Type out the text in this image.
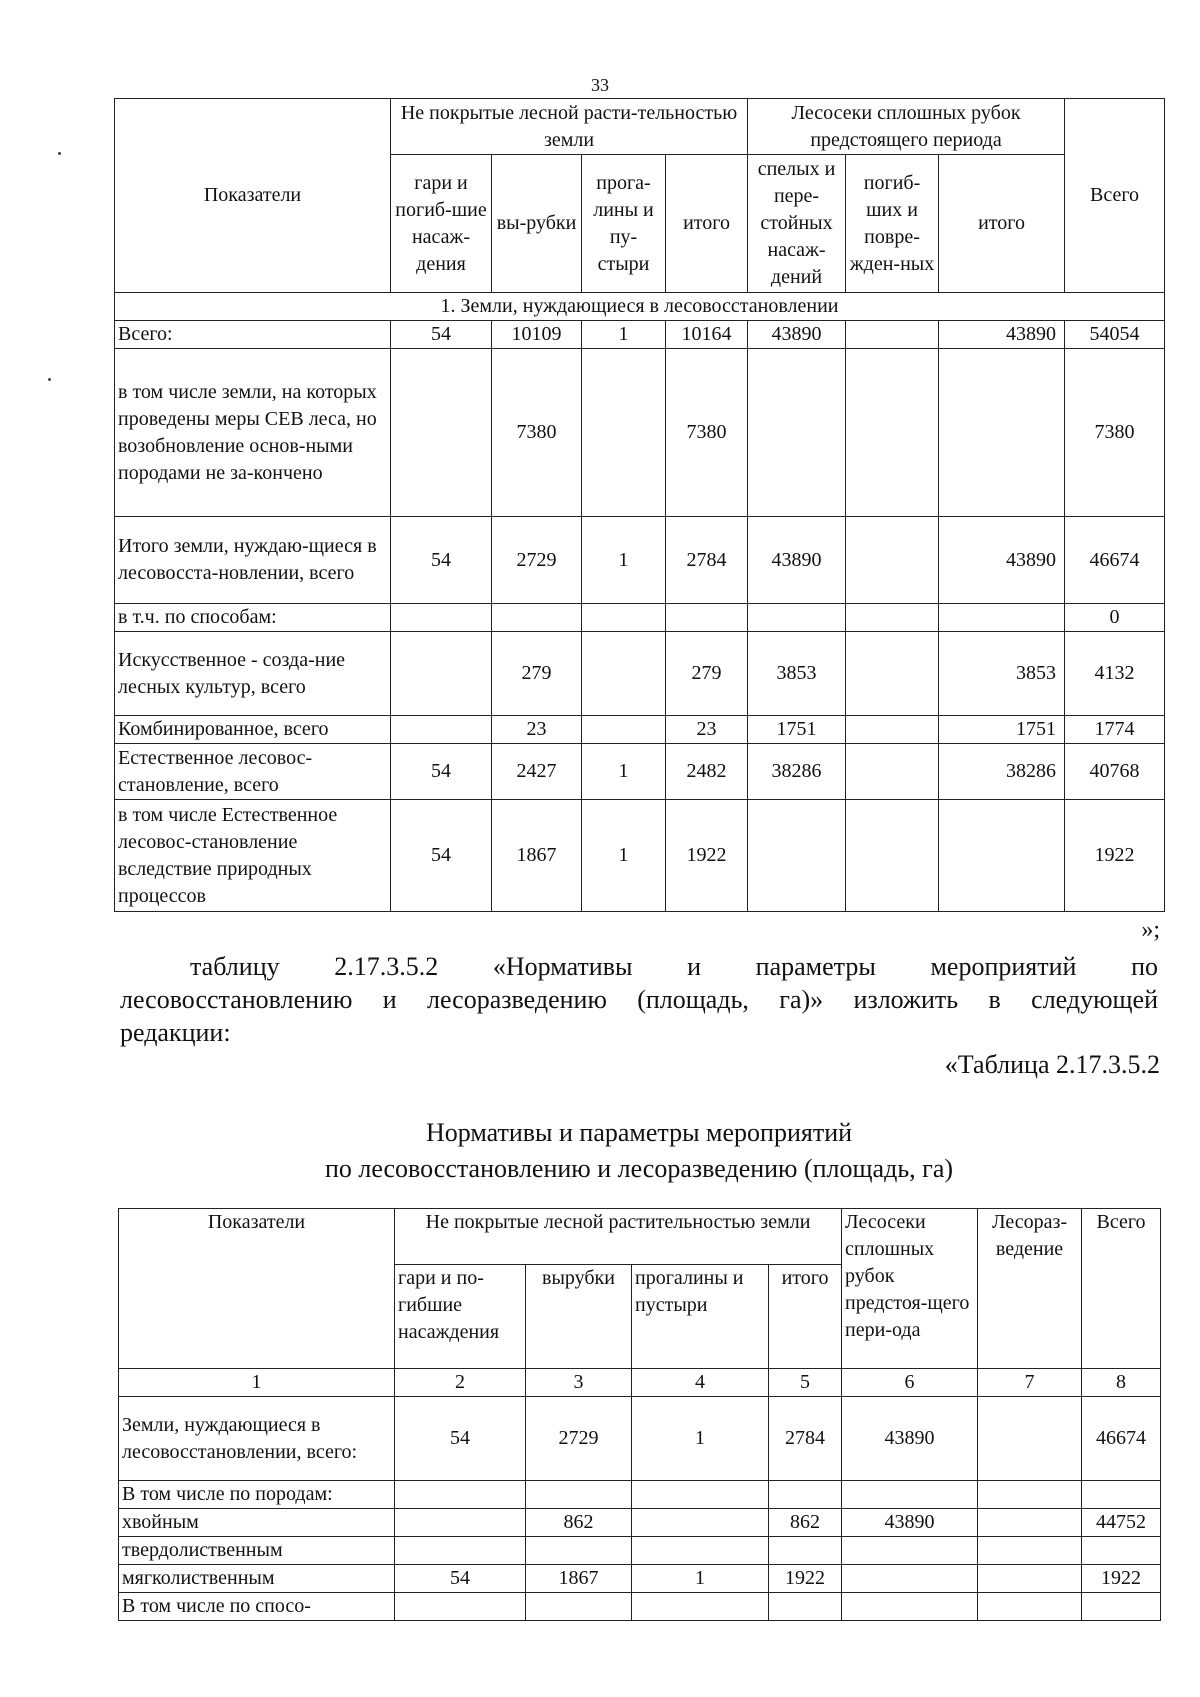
33
Показатели	Не покрытые лесной расти-тельностью земли				Лесосеки сплошных рубок предстоящего периода			Всего
	гари и погиб-шие насаж-дения	вы-рубки	прога-лины и пу-стыри	итого	спелых и пере-стойных насаж-дений	погиб-ших и повре-жден-ных	итого	
1. Земли, нуждающиеся в лесовосстановлении								
Всего:	54	10109	1	10164	43890		43890	54054
в том числе земли, на которых проведены меры СЕВ леса, но возобновление основ-ными породами не за-кончено		7380		7380				7380
Итого земли, нуждаю-щиеся в лесовосста-новлении, всего	54	2729	1	2784	43890		43890	46674
в т.ч. по способам:								0
Искусственное - созда-ние лесных культур, всего		279		279	3853		3853	4132
Комбинированное, всего		23		23	1751		1751	1774
Естественное лесовос-становление, всего	54	2427	1	2482	38286		38286	40768
в том числе Естественное лесовос-становление вследствие природных процессов	54	1867	1	1922				1922
»;
таблицу 2.17.3.5.2 «Нормативы и параметры мероприятий по
лесовосстановлению и лесоразведению (площадь, га)» изложить в следующей
редакции:
«Таблица 2.17.3.5.2
Нормативы и параметры мероприятий
по лесовосстановлению и лесоразведению (площадь, га)
Показатели	Не покрытые лесной растительностью земли				Лесосеки сплошных рубок предстоя-щего пери-ода	Лесораз-ведение	Всего
	гари и по-гибшие насаждения	вырубки	прогалины и пустыри	итого			
1	2	3	4	5	6	7	8
Земли, нуждающиеся в лесовосстановлении, всего:	54	2729	1	2784	43890		46674
В том числе по породам:							
хвойным		862		862	43890		44752
твердолиственным							
мягколиственным	54	1867	1	1922			1922
В том числе по спосо-							
